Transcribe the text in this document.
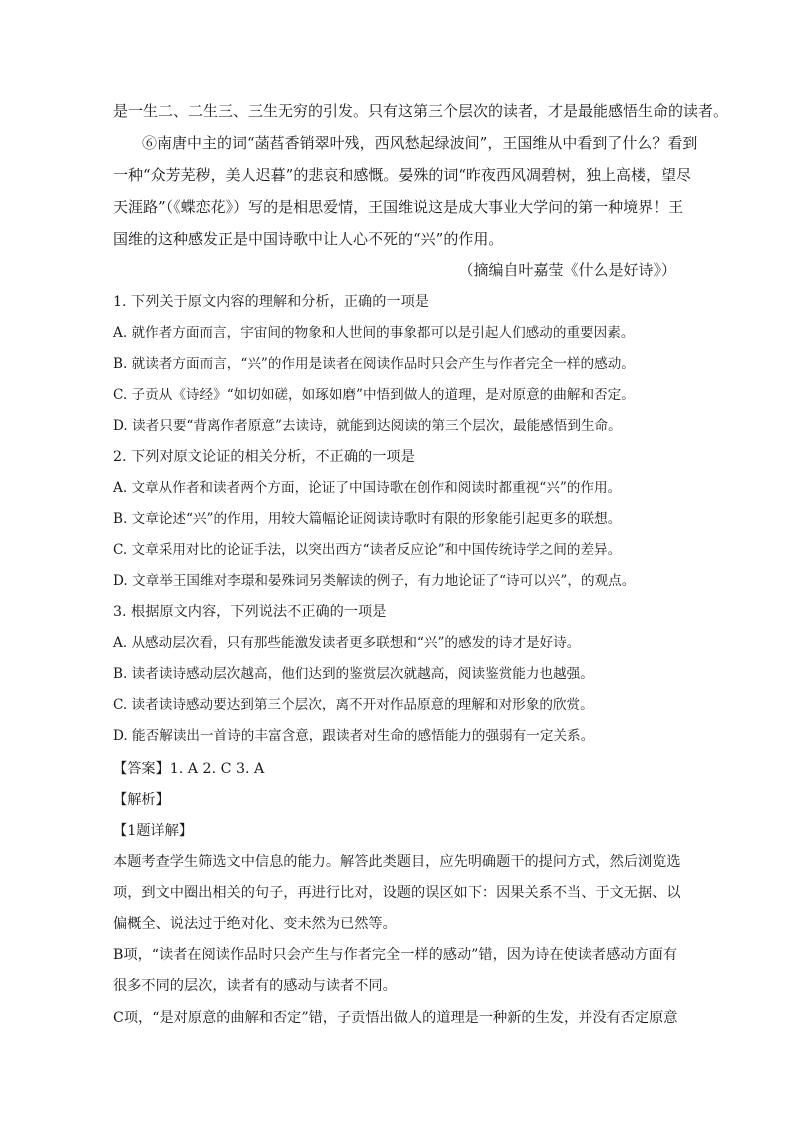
是一生二、二生三、三生无穷的引发。只有这第三个层次的读者，才是最能感悟生命的读者。
⑥南唐中主的词“菡萏香销翠叶残，西风愁起绿波间”，王国维从中看到了什么？看到
一种“众芳芜秽，美人迟暮”的悲哀和感慨。晏殊的词“昨夜西风凋碧树，独上高楼，望尽
天涯路”（《蝶恋花》）写的是相思爱情，王国维说这是成大事业大学问的第一种境界！王
国维的这种感发正是中国诗歌中让人心不死的“兴”的作用。
（摘编自叶嘉莹《什么是好诗》）
1. 下列关于原文内容的理解和分析，正确的一项是
A. 就作者方面而言，宇宙间的物象和人世间的事象都可以是引起人们感动的重要因素。
B. 就读者方面而言，“兴”的作用是读者在阅读作品时只会产生与作者完全一样的感动。
C. 子贡从《诗经》“如切如磋，如琢如磨”中悟到做人的道理，是对原意的曲解和否定。
D. 读者只要“背离作者原意”去读诗，就能到达阅读的第三个层次，最能感悟到生命。
2. 下列对原文论证的相关分析，不正确的一项是
A. 文章从作者和读者两个方面，论证了中国诗歌在创作和阅读时都重视“兴”的作用。
B. 文章论述“兴”的作用，用较大篇幅论证阅读诗歌时有限的形象能引起更多的联想。
C. 文章采用对比的论证手法，以突出西方“读者反应论”和中国传统诗学之间的差异。
D. 文章举王国维对李璟和晏殊词另类解读的例子，有力地论证了“诗可以兴”，的观点。
3. 根据原文内容，下列说法不正确的一项是
A. 从感动层次看，只有那些能激发读者更多联想和“兴”的感发的诗才是好诗。
B. 读者读诗感动层次越高，他们达到的鉴赏层次就越高，阅读鉴赏能力也越强。
C. 读者读诗感动要达到第三个层次，离不开对作品原意的理解和对形象的欣赏。
D. 能否解读出一首诗的丰富含意，跟读者对生命的感悟能力的强弱有一定关系。
【答案】1. A 2. C 3. A
【解析】
【1题详解】
本题考查学生筛选文中信息的能力。解答此类题目，应先明确题干的提问方式，然后浏览选
项，到文中圈出相关的句子，再进行比对，设题的误区如下：因果关系不当、于文无据、以
偏概全、说法过于绝对化、变未然为已然等。
B项，“读者在阅读作品时只会产生与作者完全一样的感动”错，因为诗在使读者感动方面有
很多不同的层次，读者有的感动与读者不同。
C项，“是对原意的曲解和否定”错，子贡悟出做人的道理是一种新的生发，并没有否定原意
